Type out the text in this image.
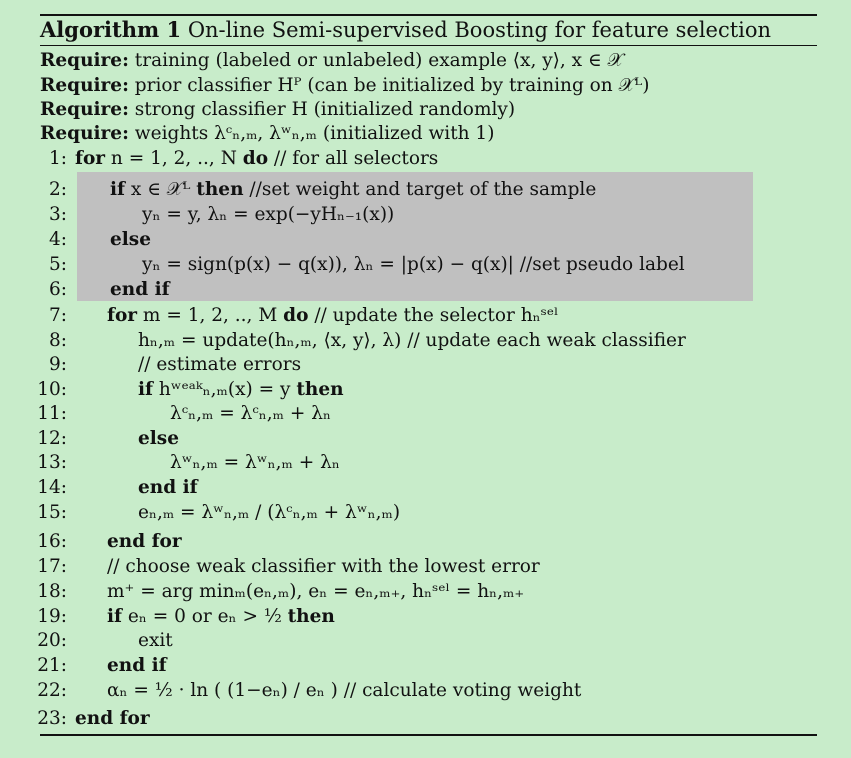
Algorithm 1 On-line Semi-supervised Boosting for feature selection
Require: training (labeled or unlabeled) example ⟨x, y⟩, x ∈ 𝒳
Require: prior classifier Hᴾ (can be initialized by training on 𝒳ᴸ)
Require: strong classifier H (initialized randomly)
Require: weights λᶜₙ,ₘ, λʷₙ,ₘ (initialized with 1)
1: for n = 1, 2, .., N do // for all selectors
2: if x ∈ 𝒳ᴸ then //set weight and target of the sample
3:	yₙ = y, λₙ = exp(−yHₙ₋₁(x))
4: else
5:	yₙ = sign(p(x) − q(x)), λₙ = |p(x) − q(x)| //set pseudo label
6: end if
7: for m = 1, 2, .., M do // update the selector hₙˢᵉˡ
8:	hₙ,ₘ = update(hₙ,ₘ, ⟨x, y⟩, λ) // update each weak classifier
9:	// estimate errors
10:	if hʷᵉᵃᵏₙ,ₘ(x) = y then
11:	λᶜₙ,ₘ = λᶜₙ,ₘ + λₙ
12:	else
13:	λʷₙ,ₘ = λʷₙ,ₘ + λₙ
14:	end if
15:	eₙ,ₘ = λʷₙ,ₘ / (λᶜₙ,ₘ + λʷₙ,ₘ)
16: end for
17: // choose weak classifier with the lowest error
18: m⁺ = arg minₘ(eₙ,ₘ), eₙ = eₙ,ₘ₊, hₙˢᵉˡ = hₙ,ₘ₊
19: if eₙ = 0 or eₙ > ½ then
20:	exit
21: end if
22: αₙ = ½ · ln ( (1−eₙ) / eₙ ) // calculate voting weight
23: end for
